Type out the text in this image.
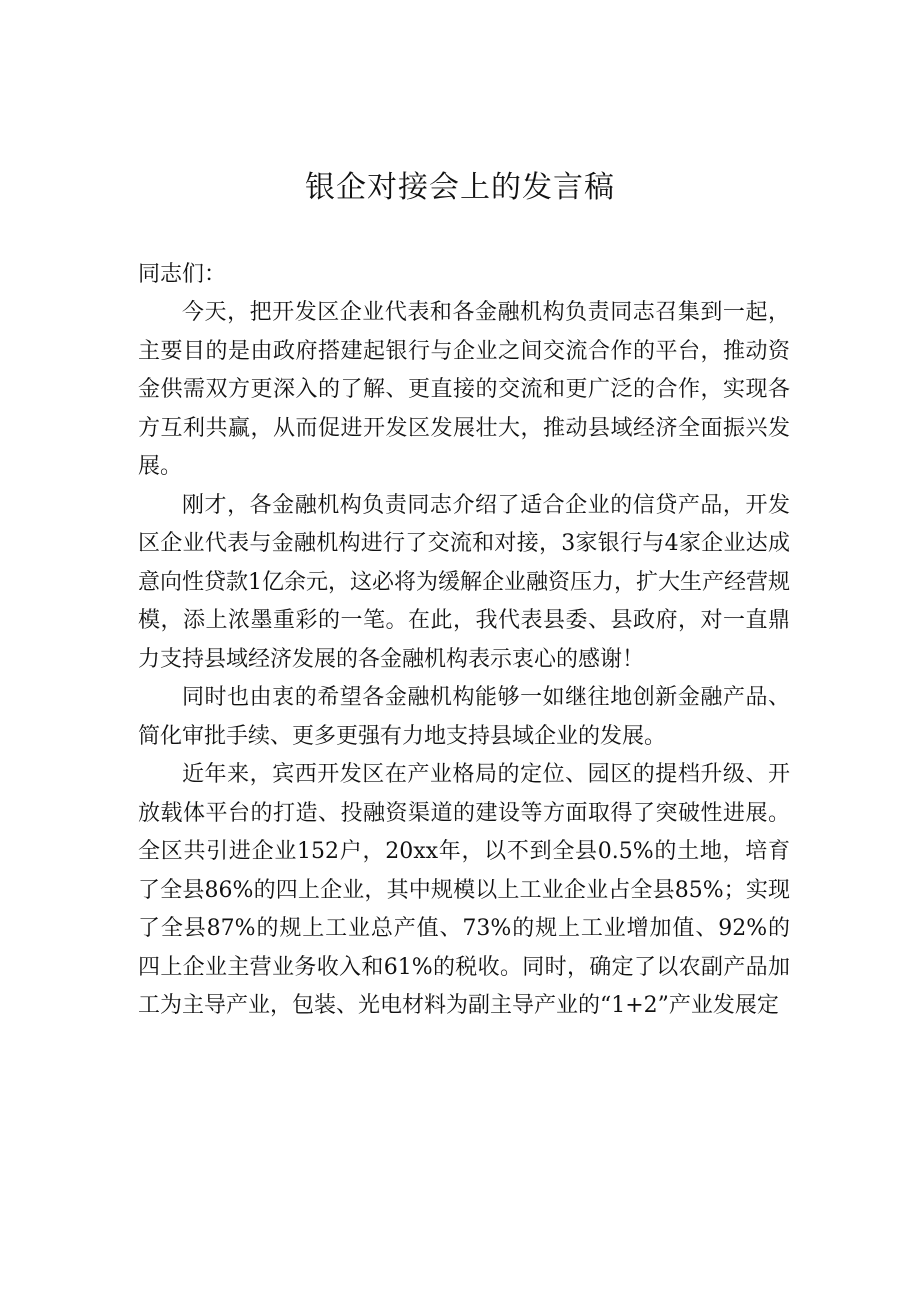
银企对接会上的发言稿

同志们：

今天，把开发区企业代表和各金融机构负责同志召集到一起，主要目的是由政府搭建起银行与企业之间交流合作的平台，推动资金供需双方更深入的了解、更直接的交流和更广泛的合作，实现各方互利共赢，从而促进开发区发展壮大，推动县域经济全面振兴发展。

刚才，各金融机构负责同志介绍了适合企业的信贷产品，开发区企业代表与金融机构进行了交流和对接，3家银行与4家企业达成意向性贷款1亿余元，这必将为缓解企业融资压力，扩大生产经营规模，添上浓墨重彩的一笔。在此，我代表县委、县政府，对一直鼎力支持县域经济发展的各金融机构表示衷心的感谢！

同时也由衷的希望各金融机构能够一如继往地创新金融产品、简化审批手续、更多更强有力地支持县域企业的发展。

近年来，宾西开发区在产业格局的定位、园区的提档升级、开放载体平台的打造、投融资渠道的建设等方面取得了突破性进展。全区共引进企业152户，20xx年，以不到全县0.5%的土地，培育了全县86%的四上企业，其中规模以上工业企业占全县85%；实现了全县87%的规上工业总产值、73%的规上工业增加值、92%的四上企业主营业务收入和61%的税收。同时，确定了以农副产品加工为主导产业，包装、光电材料为副主导产业的“1+2”产业发展定
